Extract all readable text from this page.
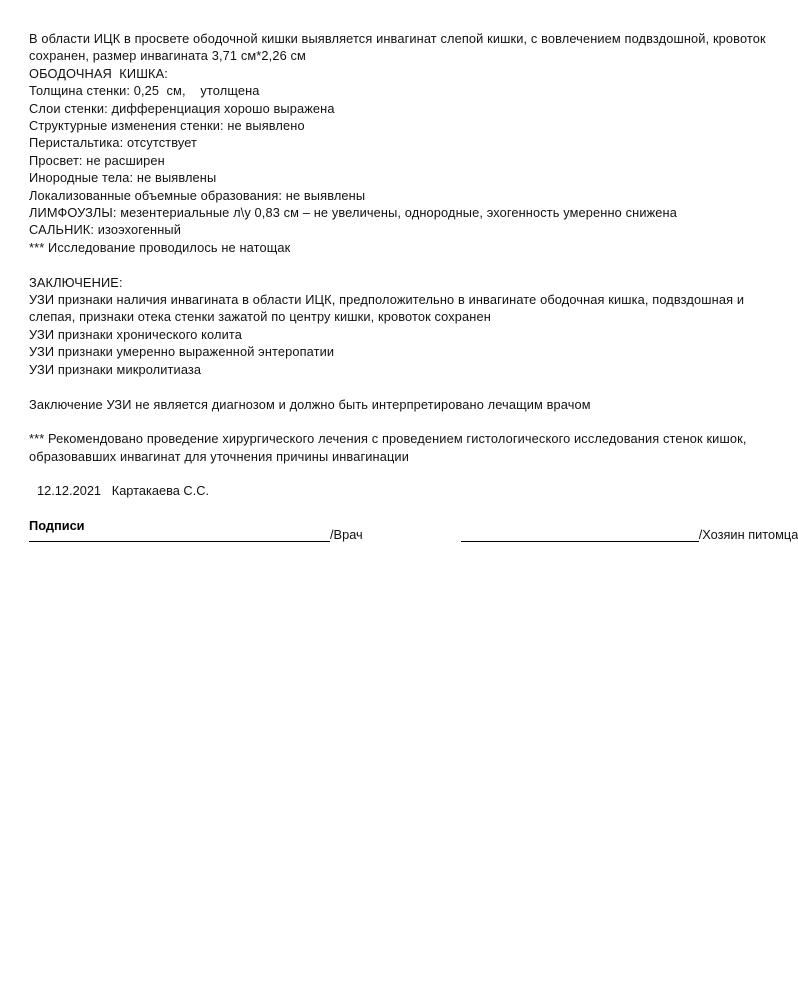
В области ИЦК в просвете ободочной кишки выявляется инвагинат слепой кишки, с вовлечением подвздошной, кровоток сохранен, размер инвагината 3,71 см*2,26 см
ОБОДОЧНАЯ  КИШКА:
Толщина стенки: 0,25  см,    утолщена
Слои стенки: дифференциация хорошо выражена
Структурные изменения стенки: не выявлено
Перистальтика: отсутствует
Просвет: не расширен
Инородные тела: не выявлены
Локализованные объемные образования: не выявлены
ЛИМФОУЗЛЫ: мезентериальные л\у 0,83 см – не увеличены, однородные, эхогенность умеренно снижена
САЛЬНИК: изоэхогенный
*** Исследование проводилось не натощак
ЗАКЛЮЧЕНИЕ:
УЗИ признаки наличия инвагината в области ИЦК, предположительно в инвагинате ободочная кишка, подвздошная и слепая, признаки отека стенки зажатой по центру кишки, кровоток сохранен
УЗИ признаки хронического колита
УЗИ признаки умеренно выраженной энтеропатии
УЗИ признаки микролитиаза
Заключение УЗИ не является диагнозом и должно быть интерпретировано лечащим врачом
*** Рекомендовано проведение хирургического лечения с проведением гистологического исследования стенок кишок, образовавших инвагинат для уточнения причины инвагинации
12.12.2021 Картакаева С.С.
Подписи
/Врач	/Хозяин питомца
